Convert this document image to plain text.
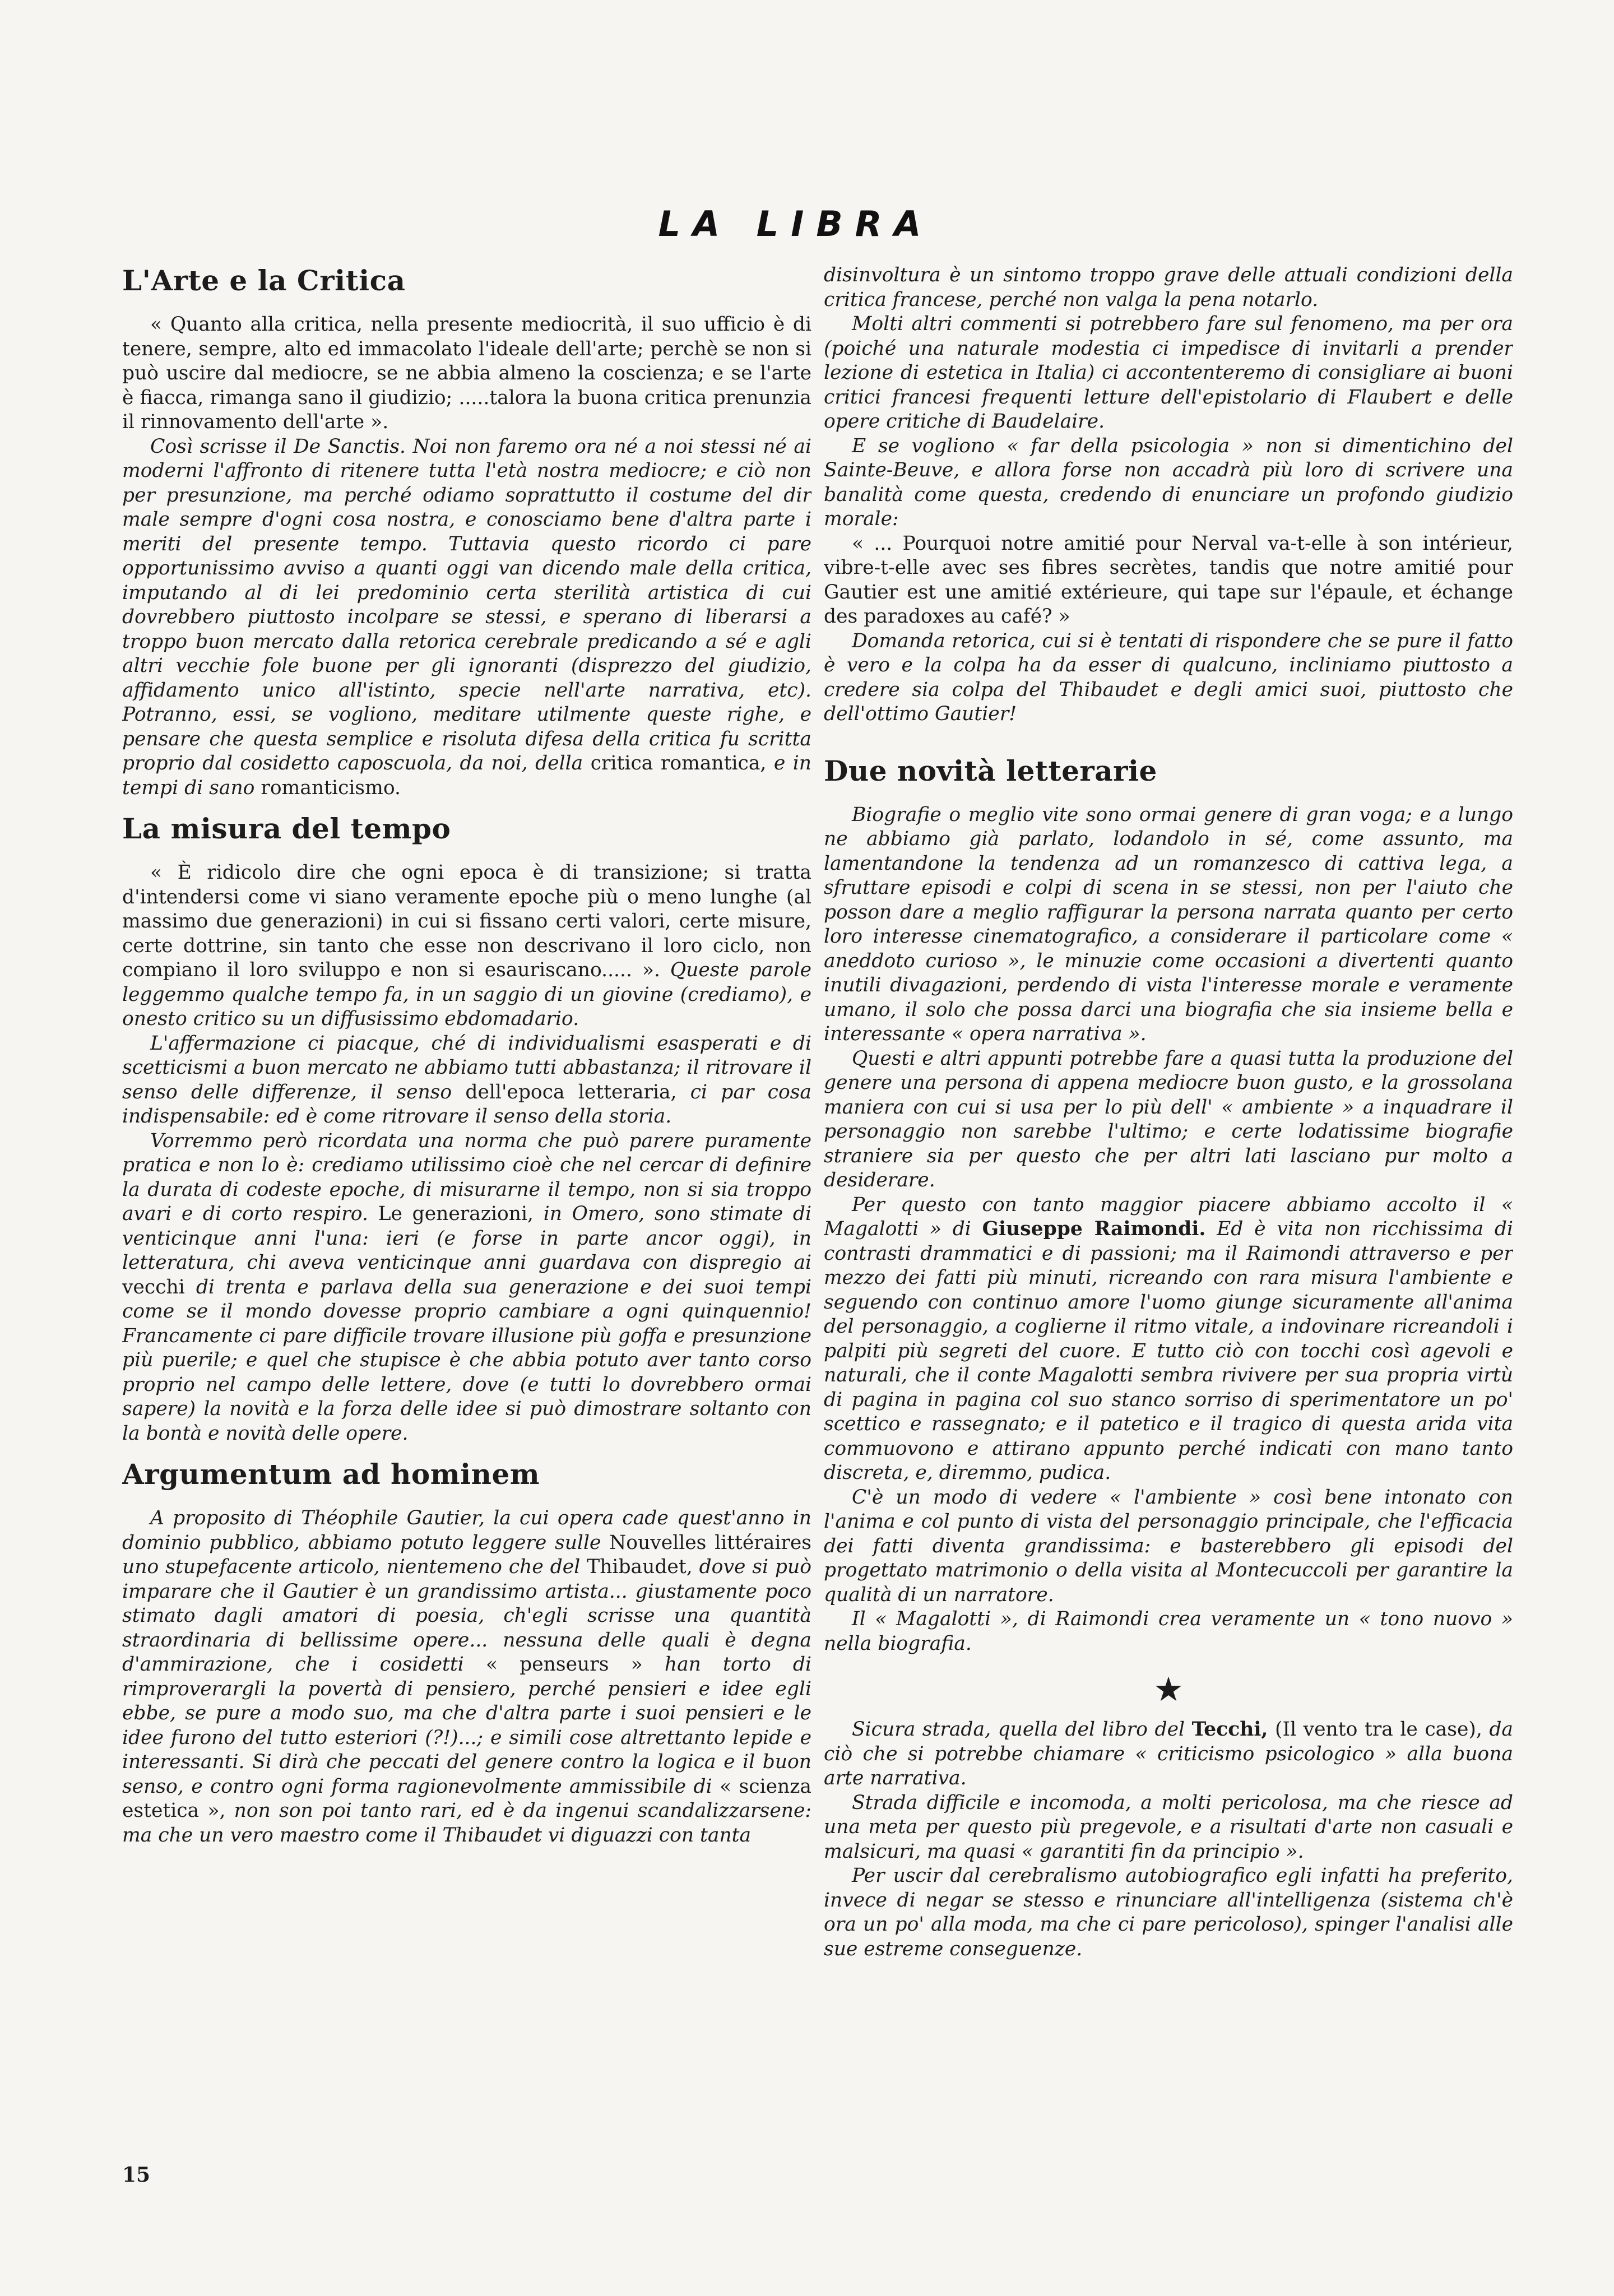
LA LIBRA
L'Arte e la Critica

« Quanto alla critica, nella presente mediocrità, il suo ufficio è di tenere, sempre, alto ed immacolato l'ideale dell'arte; perchè se non si può uscire dal mediocre, se ne abbia almeno la coscienza; e se l'arte è fiacca, rimanga sano il giudizio; .....talora la buona critica prenunzia il rinnovamento dell'arte ».

Così scrisse il De Sanctis. Noi non faremo ora né a noi stessi né ai moderni l'affronto di ritenere tutta l'età nostra mediocre; e ciò non per presunzione, ma perché odiamo soprattutto il costume del dir male sempre d'ogni cosa nostra, e conosciamo bene d'altra parte i meriti del presente tempo. Tuttavia questo ricordo ci pare opportunissimo avviso a quanti oggi van dicendo male della critica, imputando al di lei predominio certa sterilità artistica di cui dovrebbero piuttosto incolpare se stessi, e sperano di liberarsi a troppo buon mercato dalla retorica cerebrale predicando a sé e agli altri vecchie fole buone per gli ignoranti (disprezzo del giudizio, affidamento unico all'istinto, specie nell'arte narrativa, etc). Potranno, essi, se vogliono, meditare utilmente queste righe, e pensare che questa semplice e risoluta difesa della critica fu scritta proprio dal cosidetto caposcuola, da noi, della critica romantica, e in tempi di sano romanticismo.

La misura del tempo

« È ridicolo dire che ogni epoca è di transizione; si tratta d'intendersi come vi siano veramente epoche più o meno lunghe (al massimo due generazioni) in cui si fissano certi valori, certe misure, certe dottrine, sin tanto che esse non descrivano il loro ciclo, non compiano il loro sviluppo e non si esauriscano..... ». Queste parole leggemmo qualche tempo fa, in un saggio di un giovine (crediamo), e onesto critico su un diffusissimo ebdomadario.

L'affermazione ci piacque, ché di individualismi esasperati e di scetticismi a buon mercato ne abbiamo tutti abbastanza; il ritrovare il senso delle differenze, il senso dell'epoca letteraria, ci par cosa indispensabile: ed è come ritrovare il senso della storia.

Vorremmo però ricordata una norma che può parere puramente pratica e non lo è: crediamo utilissimo cioè che nel cercar di definire la durata di codeste epoche, di misurarne il tempo, non si sia troppo avari e di corto respiro. Le generazioni, in Omero, sono stimate di venticinque anni l'una: ieri (e forse in parte ancor oggi), in letteratura, chi aveva venticinque anni guardava con dispregio ai vecchi di trenta e parlava della sua generazione e dei suoi tempi come se il mondo dovesse proprio cambiare a ogni quinquennio! Francamente ci pare difficile trovare illusione più goffa e presunzione più puerile; e quel che stupisce è che abbia potuto aver tanto corso proprio nel campo delle lettere, dove (e tutti lo dovrebbero ormai sapere) la novità e la forza delle idee si può dimostrare soltanto con la bontà e novità delle opere.

Argumentum ad hominem

A proposito di Théophile Gautier, la cui opera cade quest'anno in dominio pubblico, abbiamo potuto leggere sulle Nouvelles littéraires uno stupefacente articolo, nientemeno che del Thibaudet, dove si può imparare che il Gautier è un grandissimo artista... giustamente poco stimato dagli amatori di poesia, ch'egli scrisse una quantità straordinaria di bellissime opere... nessuna delle quali è degna d'ammirazione, che i cosidetti « penseurs » han torto di rimproverargli la povertà di pensiero, perché pensieri e idee egli ebbe, se pure a modo suo, ma che d'altra parte i suoi pensieri e le idee furono del tutto esteriori (?!)...; e simili cose altrettanto lepide e interessanti. Si dirà che peccati del genere contro la logica e il buon senso, e contro ogni forma ragionevolmente ammissibile di « scienza estetica », non son poi tanto rari, ed è da ingenui scandalizzarsene: ma che un vero maestro come il Thibaudet vi diguazzi con tanta

disinvoltura è un sintomo troppo grave delle attuali condizioni della critica francese, perché non valga la pena notarlo.

Molti altri commenti si potrebbero fare sul fenomeno, ma per ora (poiché una naturale modestia ci impedisce di invitarli a prender lezione di estetica in Italia) ci accontenteremo di consigliare ai buoni critici francesi frequenti letture dell'epistolario di Flaubert e delle opere critiche di Baudelaire.

E se vogliono « far della psicologia » non si dimentichino del Sainte-Beuve, e allora forse non accadrà più loro di scrivere una banalità come questa, credendo di enunciare un profondo giudizio morale:

« ... Pourquoi notre amitié pour Nerval va-t-elle à son intérieur, vibre-t-elle avec ses fibres secrètes, tandis que notre amitié pour Gautier est une amitié extérieure, qui tape sur l'épaule, et échange des paradoxes au café? »

Domanda retorica, cui si è tentati di rispondere che se pure il fatto è vero e la colpa ha da esser di qualcuno, incliniamo piuttosto a credere sia colpa del Thibaudet e degli amici suoi, piuttosto che dell'ottimo Gautier!

Due novità letterarie

Biografie o meglio vite sono ormai genere di gran voga; e a lungo ne abbiamo già parlato, lodandolo in sé, come assunto, ma lamentandone la tendenza ad un romanzesco di cattiva lega, a sfruttare episodi e colpi di scena in se stessi, non per l'aiuto che posson dare a meglio raffigurar la persona narrata quanto per certo loro interesse cinematografico, a considerare il particolare come « aneddoto curioso », le minuzie come occasioni a divertenti quanto inutili divagazioni, perdendo di vista l'interesse morale e veramente umano, il solo che possa darci una biografia che sia insieme bella e interessante « opera narrativa ».

Questi e altri appunti potrebbe fare a quasi tutta la produzione del genere una persona di appena mediocre buon gusto, e la grossolana maniera con cui si usa per lo più dell' « ambiente » a inquadrare il personaggio non sarebbe l'ultimo; e certe lodatissime biografie straniere sia per questo che per altri lati lasciano pur molto a desiderare.

Per questo con tanto maggior piacere abbiamo accolto il « Magalotti » di Giuseppe Raimondi. Ed è vita non ricchissima di contrasti drammatici e di passioni; ma il Raimondi attraverso e per mezzo dei fatti più minuti, ricreando con rara misura l'ambiente e seguendo con continuo amore l'uomo giunge sicuramente all'anima del personaggio, a coglierne il ritmo vitale, a indovinare ricreandoli i palpiti più segreti del cuore. E tutto ciò con tocchi così agevoli e naturali, che il conte Magalotti sembra rivivere per sua propria virtù di pagina in pagina col suo stanco sorriso di sperimentatore un po' scettico e rassegnato; e il patetico e il tragico di questa arida vita commuovono e attirano appunto perché indicati con mano tanto discreta, e, diremmo, pudica.

C'è un modo di vedere « l'ambiente » così bene intonato con l'anima e col punto di vista del personaggio principale, che l'efficacia dei fatti diventa grandissima: e basterebbero gli episodi del progettato matrimonio o della visita al Montecuccoli per garantire la qualità di un narratore.

Il « Magalotti », di Raimondi crea veramente un « tono nuovo » nella biografia.

★

Sicura strada, quella del libro del Tecchi, (Il vento tra le case), da ciò che si potrebbe chiamare « criticismo psicologico » alla buona arte narrativa.

Strada difficile e incomoda, a molti pericolosa, ma che riesce ad una meta per questo più pregevole, e a risultati d'arte non casuali e malsicuri, ma quasi « garantiti fin da principio ».

Per uscir dal cerebralismo autobiografico egli infatti ha preferito, invece di negar se stesso e rinunciare all'intelligenza (sistema ch'è ora un po' alla moda, ma che ci pare pericoloso), spinger l'analisi alle sue estreme conseguenze.

15
